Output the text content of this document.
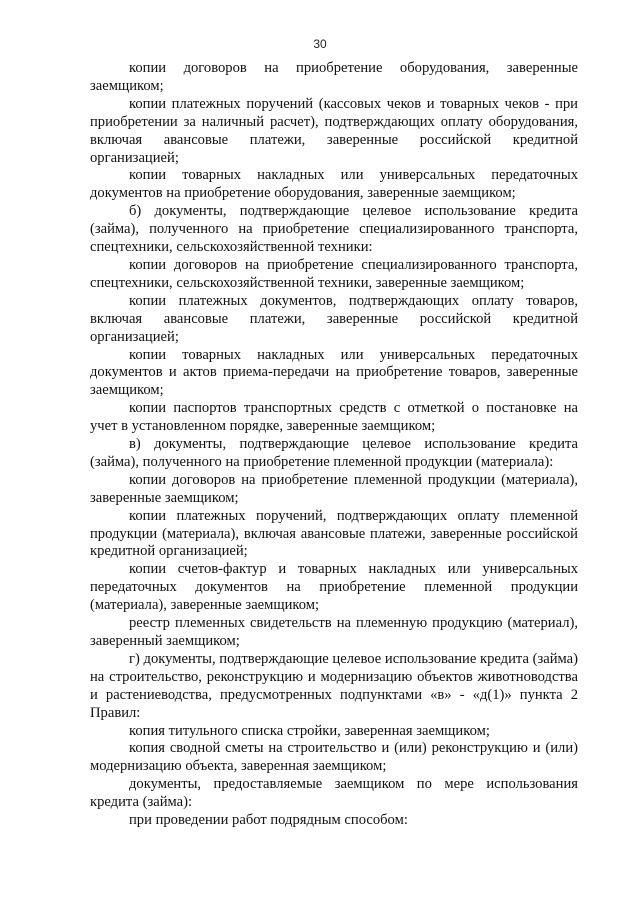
30

копии договоров на приобретение оборудования, заверенные заемщиком;

копии платежных поручений (кассовых чеков и товарных чеков - при приобретении за наличный расчет), подтверждающих оплату оборудования, включая авансовые платежи, заверенные российской кредитной организацией;

копии товарных накладных или универсальных передаточных документов на приобретение оборудования, заверенные заемщиком;

б) документы, подтверждающие целевое использование кредита (займа), полученного на приобретение специализированного транспорта, спецтехники, сельскохозяйственной техники:

копии договоров на приобретение специализированного транспорта, спецтехники, сельскохозяйственной техники, заверенные заемщиком;

копии платежных документов, подтверждающих оплату товаров, включая авансовые платежи, заверенные российской кредитной организацией;

копии товарных накладных или универсальных передаточных документов и актов приема-передачи на приобретение товаров, заверенные заемщиком;

копии паспортов транспортных средств с отметкой о постановке на учет в установленном порядке, заверенные заемщиком;

в) документы, подтверждающие целевое использование кредита (займа), полученного на приобретение племенной продукции (материала):

копии договоров на приобретение племенной продукции (материала), заверенные заемщиком;

копии платежных поручений, подтверждающих оплату племенной продукции (материала), включая авансовые платежи, заверенные российской кредитной организацией;

копии счетов-фактур и товарных накладных или универсальных передаточных документов на приобретение племенной продукции (материала), заверенные заемщиком;

реестр племенных свидетельств на племенную продукцию (материал), заверенный заемщиком;

г) документы, подтверждающие целевое использование кредита (займа) на строительство, реконструкцию и модернизацию объектов животноводства и растениеводства, предусмотренных подпунктами «в» - «д(1)» пункта 2 Правил:

копия титульного списка стройки, заверенная заемщиком;

копия сводной сметы на строительство и (или) реконструкцию и (или) модернизацию объекта, заверенная заемщиком;

документы, предоставляемые заемщиком по мере использования кредита (займа):

при проведении работ подрядным способом:
